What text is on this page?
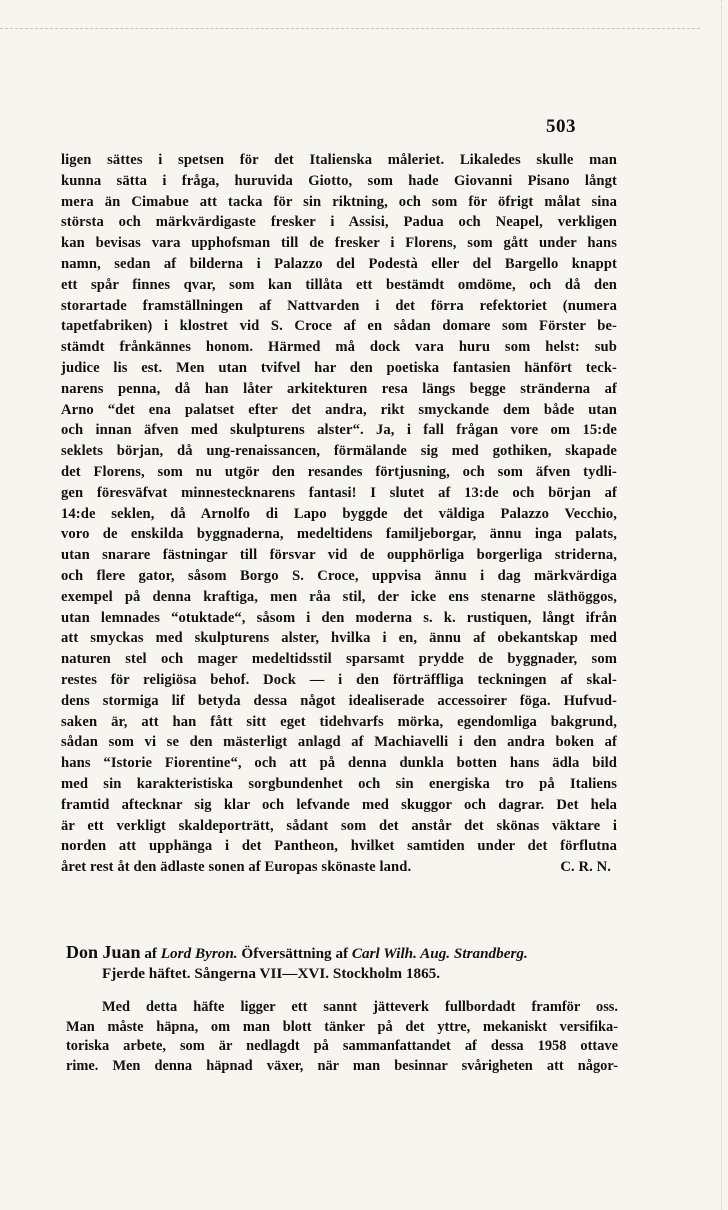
503
ligen sättes i spetsen för det Italienska måleriet. Likaledes skulle man
kunna sätta i fråga, huruvida Giotto, som hade Giovanni Pisano långt
mera än Cimabue att tacka för sin riktning, och som för öfrigt målat sina
största och märkvärdigaste fresker i Assisi, Padua och Neapel, verkligen
kan bevisas vara upphofsman till de fresker i Florens, som gått under hans
namn, sedan af bilderna i Palazzo del Podestà eller del Bargello knappt
ett spår finnes qvar, som kan tillåta ett bestämdt omdöme, och då den
storartade framställningen af Nattvarden i det förra refektoriet (numera
tapetfabriken) i klostret vid S. Croce af en sådan domare som Förster be-
stämdt frånkännes honom. Härmed må dock vara huru som helst: sub
judice lis est. Men utan tvifvel har den poetiska fantasien hänfört teck-
narens penna, då han låter arkitekturen resa längs begge stränderna af
Arno “det ena palatset efter det andra, rikt smyckande dem både utan
och innan äfven med skulpturens alster“. Ja, i fall frågan vore om 15:de
seklets början, då ung-renaissancen, förmälande sig med gothiken, skapade
det Florens, som nu utgör den resandes förtjusning, och som äfven tydli-
gen föresväfvat minnestecknarens fantasi! I slutet af 13:de och början af
14:de seklen, då Arnolfo di Lapo byggde det väldiga Palazzo Vecchio,
voro de enskilda byggnaderna, medeltidens familjeborgar, ännu inga palats,
utan snarare fästningar till försvar vid de oupphörliga borgerliga striderna,
och flere gator, såsom Borgo S. Croce, uppvisa ännu i dag märkvärdiga
exempel på denna kraftiga, men råa stil, der icke ens stenarne släthöggos,
utan lemnades “otuktade“, såsom i den moderna s. k. rustiquen, långt ifrån
att smyckas med skulpturens alster, hvilka i en, ännu af obekantskap med
naturen stel och mager medeltidsstil sparsamt prydde de byggnader, som
restes för religiösa behof. Dock — i den förträffliga teckningen af skal-
dens stormiga lif betyda dessa något idealiserade accessoirer föga. Hufvud-
saken är, att han fått sitt eget tidehvarfs mörka, egendomliga bakgrund,
sådan som vi se den mästerligt anlagd af Machiavelli i den andra boken af
hans “Istorie Fiorentine“, och att på denna dunkla botten hans ädla bild
med sin karakteristiska sorgbundenhet och sin energiska tro på Italiens
framtid aftecknar sig klar och lefvande med skuggor och dagrar. Det hela
är ett verkligt skaldeporträtt, sådant som det anstår det skönas väktare i
norden att upphänga i det Pantheon, hvilket samtiden under det förflutna
året rest åt den ädlaste sonen af Europas skönaste land.	C. R. N.
Don Juan af Lord Byron. Öfversättning af Carl Wilh. Aug. Strandberg.
Fjerde häftet. Sångerna VII—XVI. Stockholm 1865.
Med detta häfte ligger ett sannt jätteverk fullbordadt framför oss.
Man måste häpna, om man blott tänker på det yttre, mekaniskt versifika-
toriska arbete, som är nedlagdt på sammanfattandet af dessa 1958 ottave
rime. Men denna häpnad växer, när man besinnar svårigheten att någor-
